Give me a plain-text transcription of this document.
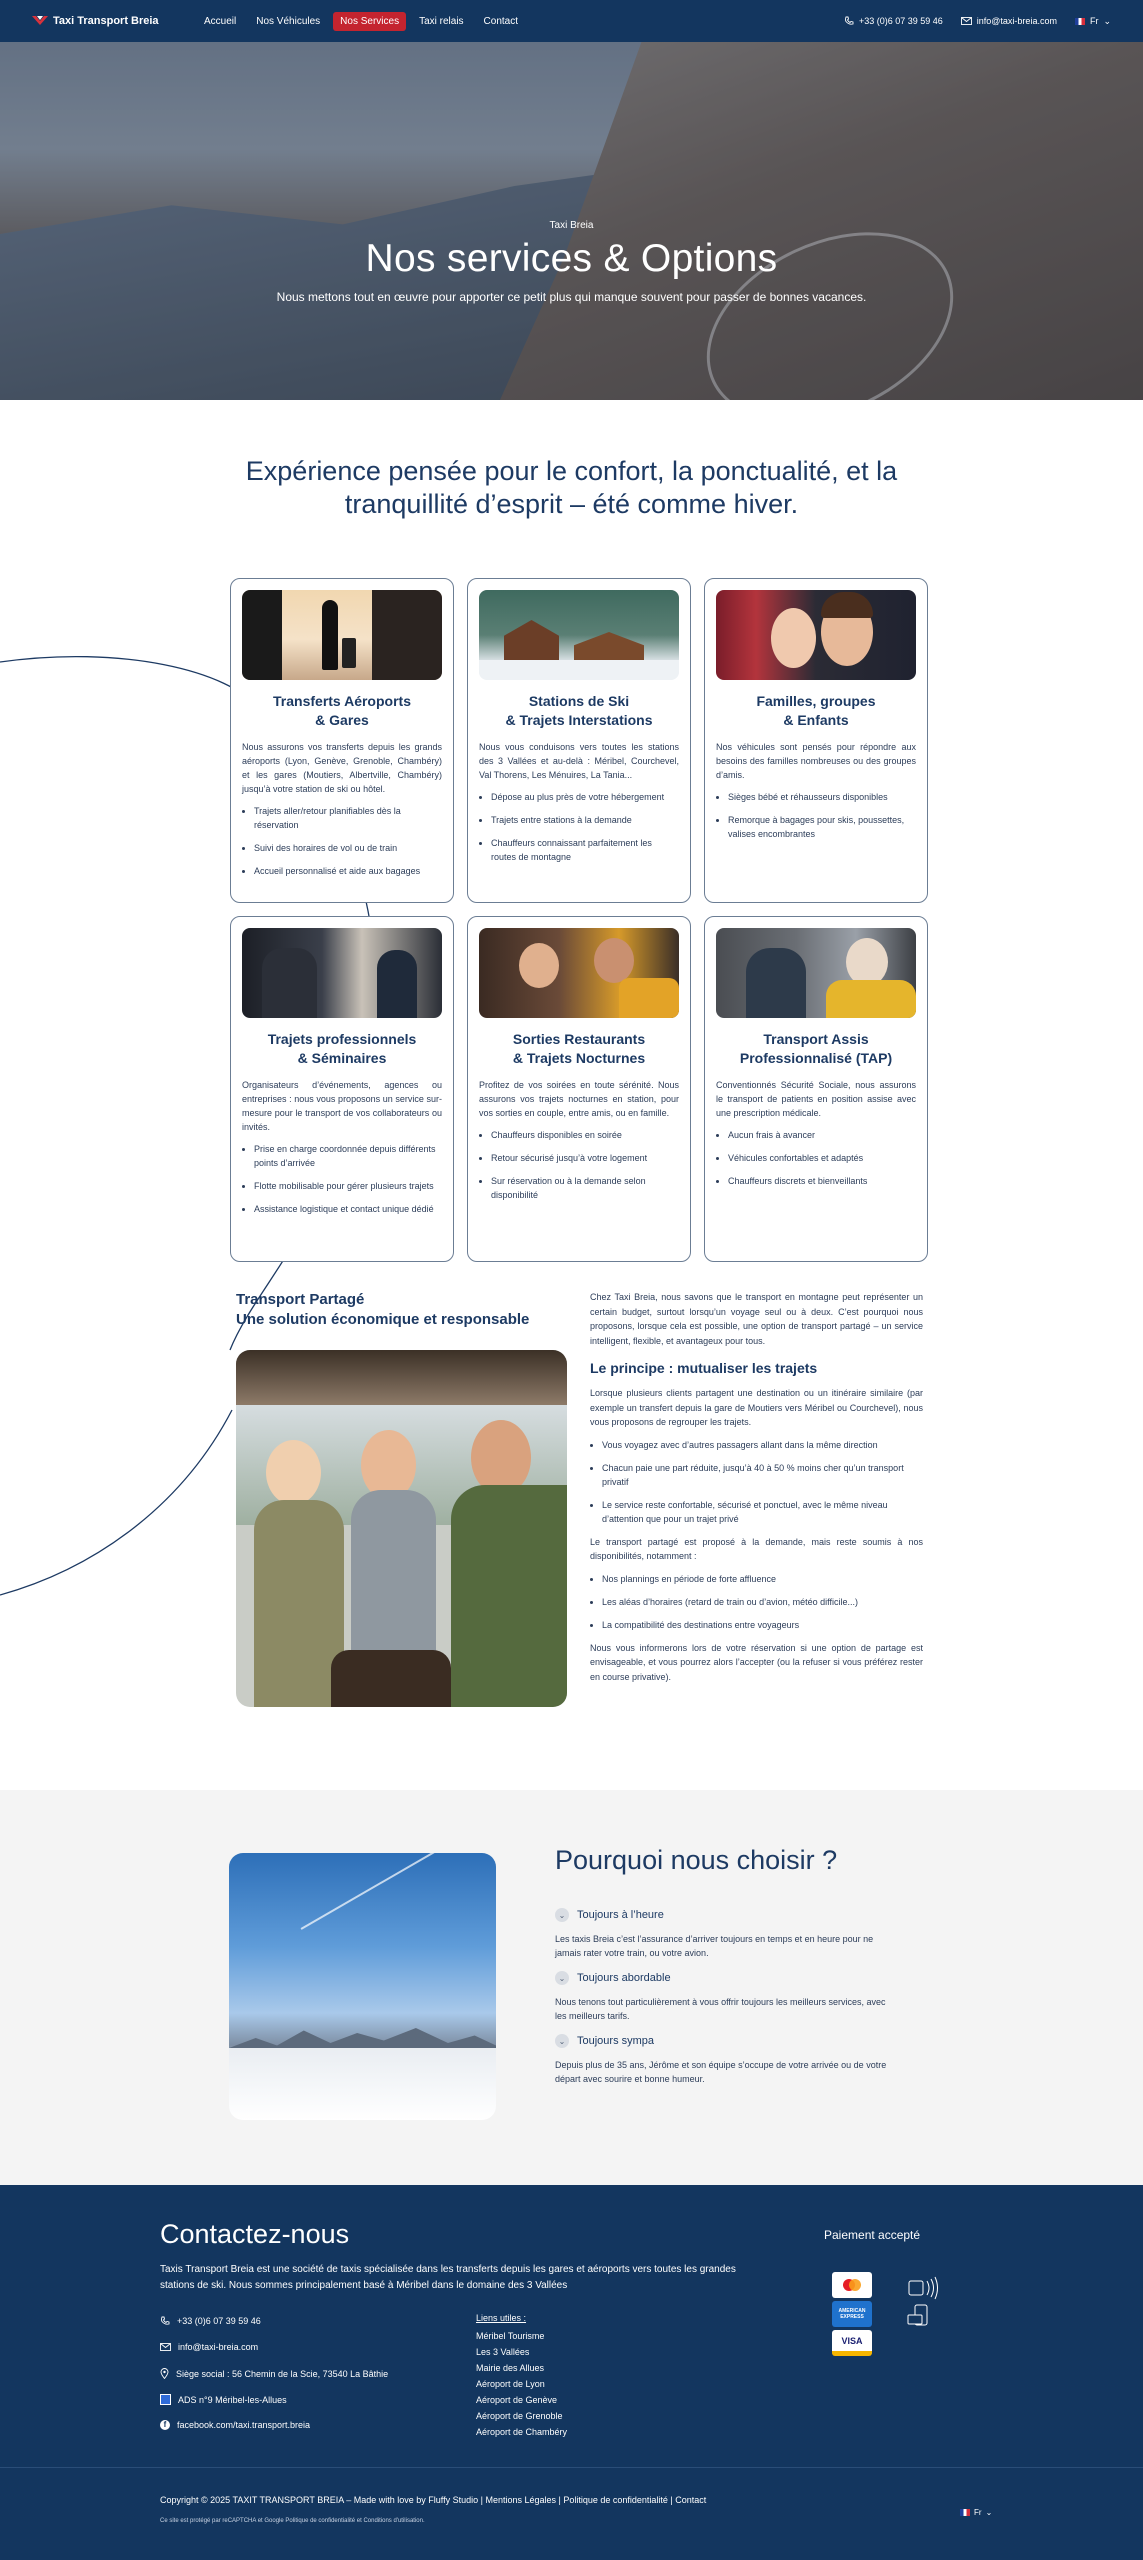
Taxi Transport Breia	Accueil	Nos Véhicules	Nos Services	Taxi relais	Contact	+33 (0)6 07 39 59 46	info@taxi-breia.com	Fr ⌄
Taxi Breia
Nos services & Options
Nous mettons tout en œuvre pour apporter ce petit plus qui manque souvent pour passer de bonnes vacances.
Expérience pensée pour le confort, la ponctualité, et la tranquillité d’esprit – été comme hiver.
Transferts Aéroports
& Gares

Nous assurons vos transferts depuis les grands aéroports (Lyon, Genève, Grenoble, Chambéry) et les gares (Moutiers, Albertville, Chambéry) jusqu’à votre station de ski ou hôtel.

• Trajets aller/retour planifiables dès la réservation
• Suivi des horaires de vol ou de train
• Accueil personnalisé et aide aux bagages
Stations de Ski
& Trajets Interstations

Nous vous conduisons vers toutes les stations des 3 Vallées et au-delà : Méribel, Courchevel, Val Thorens, Les Ménuires, La Tania...

• Dépose au plus près de votre hébergement
• Trajets entre stations à la demande
• Chauffeurs connaissant parfaitement les routes de montagne
Familles, groupes
& Enfants

Nos véhicules sont pensés pour répondre aux besoins des familles nombreuses ou des groupes d’amis.

• Sièges bébé et réhausseurs disponibles
• Remorque à bagages pour skis, poussettes, valises encombrantes
Trajets professionnels
& Séminaires

Organisateurs d’événements, agences ou entreprises : nous vous proposons un service sur-mesure pour le transport de vos collaborateurs ou invités.

• Prise en charge coordonnée depuis différents points d’arrivée
• Flotte mobilisable pour gérer plusieurs trajets
• Assistance logistique et contact unique dédié
Sorties Restaurants
& Trajets Nocturnes

Profitez de vos soirées en toute sérénité. Nous assurons vos trajets nocturnes en station, pour vos sorties en couple, entre amis, ou en famille.

• Chauffeurs disponibles en soirée
• Retour sécurisé jusqu’à votre logement
• Sur réservation ou à la demande selon disponibilité
Transport Assis
Professionnalisé (TAP)

Conventionnés Sécurité Sociale, nous assurons le transport de patients en position assise avec une prescription médicale.

• Aucun frais à avancer
• Véhicules confortables et adaptés
• Chauffeurs discrets et bienveillants
Transport Partagé
Une solution économique et responsable

Chez Taxi Breia, nous savons que le transport en montagne peut représenter un certain budget, surtout lorsqu’un voyage seul ou à deux. C’est pourquoi nous proposons, lorsque cela est possible, une option de transport partagé – un service intelligent, flexible, et avantageux pour tous.

Le principe : mutualiser les trajets

Lorsque plusieurs clients partagent une destination ou un itinéraire similaire (par exemple un transfert depuis la gare de Moutiers vers Méribel ou Courchevel), nous vous proposons de regrouper les trajets.

• Vous voyagez avec d’autres passagers allant dans la même direction
• Chacun paie une part réduite, jusqu’à 40 à 50 % moins cher qu’un transport privatif
• Le service reste confortable, sécurisé et ponctuel, avec le même niveau d’attention que pour un trajet privé

Le transport partagé est proposé à la demande, mais reste soumis à nos disponibilités, notamment :

• Nos plannings en période de forte affluence
• Les aléas d’horaires (retard de train ou d’avion, météo difficile...)
• La compatibilité des destinations entre voyageurs

Nous vous informerons lors de votre réservation si une option de partage est envisageable, et vous pourrez alors l’accepter (ou la refuser si vous préférez rester en course privative).

Pourquoi nous choisir ?
⌄	Toujours à l’heure

Les taxis Breia c’est l’assurance d’arriver toujours en temps et en heure pour ne jamais rater votre train, ou votre avion.

⌄	Toujours abordable

Nous tenons tout particulièrement à vous offrir toujours les meilleurs services, avec les meilleurs tarifs.

⌄	Toujours sympa

Depuis plus de 35 ans, Jérôme et son équipe s’occupe de votre arrivée ou de votre départ avec sourire et bonne humeur.

Contactez-nous
Taxis Transport Breia est une société de taxis spécialisée dans les transferts depuis les gares et aéroports vers toutes les grandes stations de ski. Nous sommes principalement basé à Méribel dans le domaine des 3 Vallées
+33 (0)6 07 39 59 46
info@taxi-breia.com
Siège social : 56 Chemin de la Scie, 73540 La Bâthie
ADS n°9 Méribel-les-Allues
f	facebook.com/taxi.transport.breia
Liens utiles :
Méribel Tourisme
Les 3 Vallées
Mairie des Allues
Aéroport de Lyon
Aéroport de Genève
Aéroport de Grenoble
Aéroport de Chambéry
Paiement accepté
AMERICAN EXPRESS
VISA
Copyright © 2025 TAXIT TRANSPORT BREIA – Made with love by Fluffy Studio | Mentions Légales | Politique de confidentialité | Contact
Ce site est protégé par reCAPTCHA et Google Politique de confidentialité et Conditions d'utilisation.
Fr ⌄
